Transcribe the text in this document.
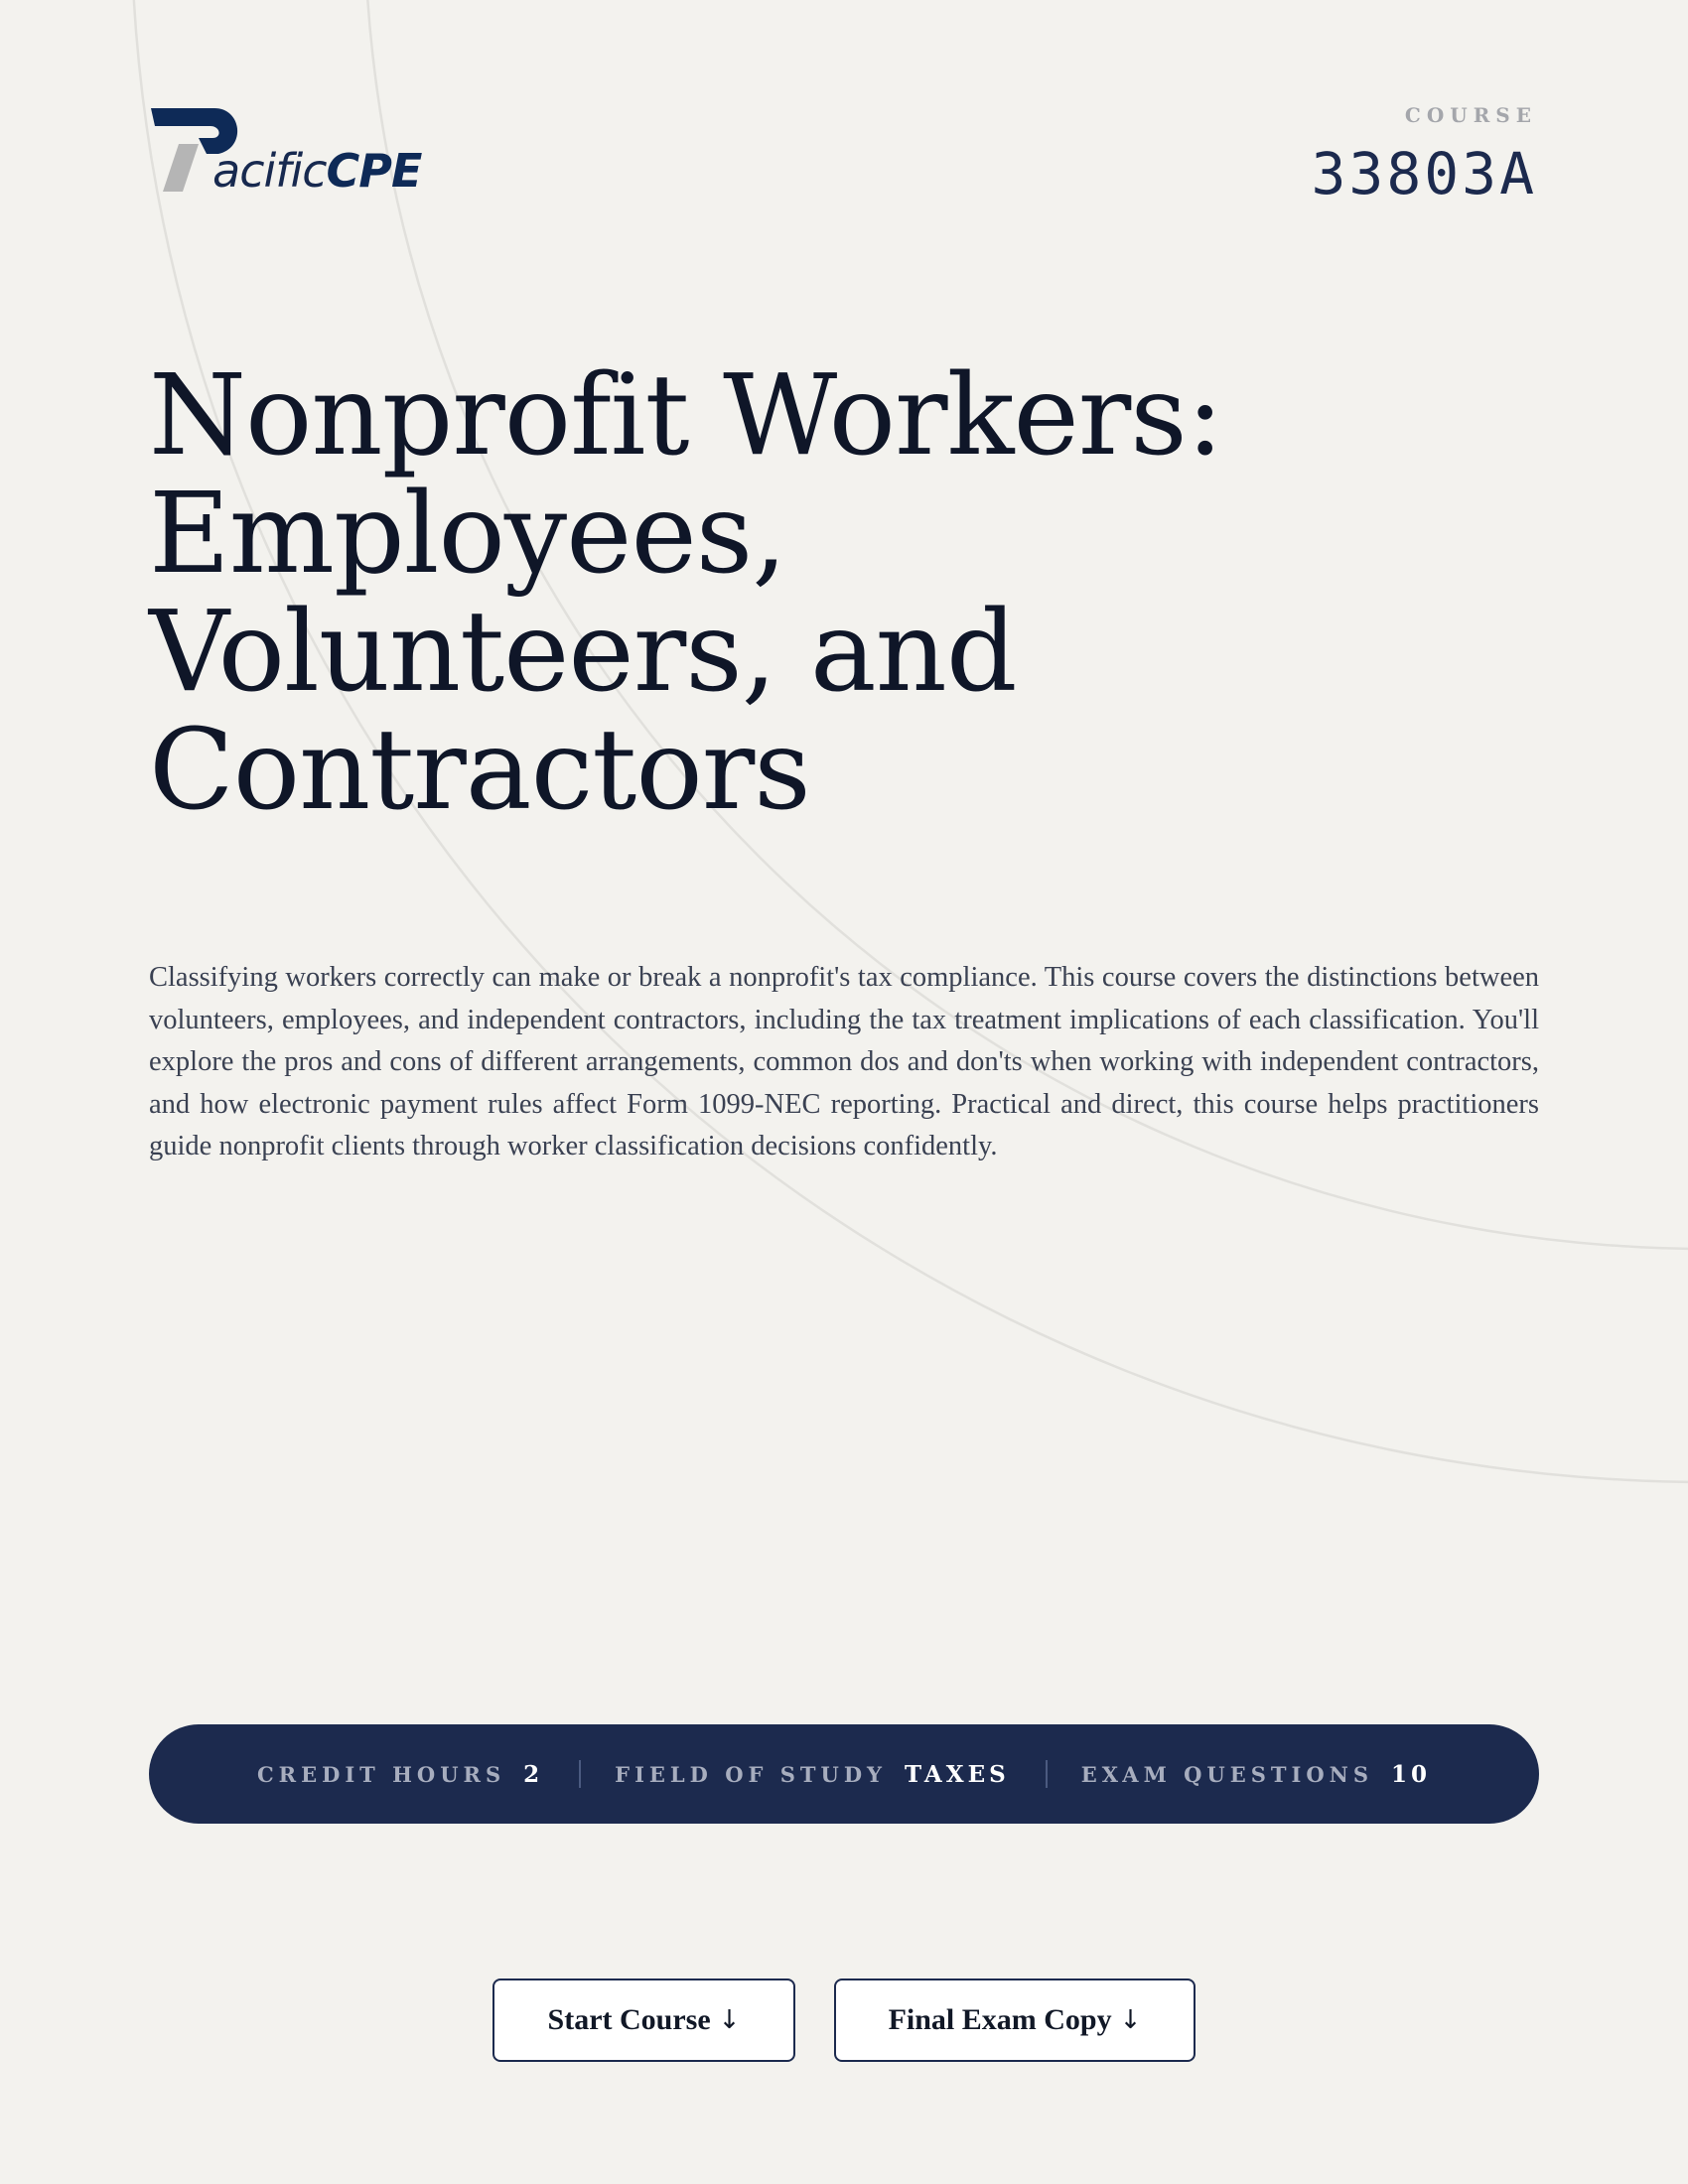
acificCPE
COURSE
33803A
Nonprofit Workers: Employees, Volunteers, and Contractors

Classifying workers correctly can make or break a nonprofit's tax compliance. This course covers the distinctions between volunteers, employees, and independent contractors, including the tax treatment implications of each classification. You'll explore the pros and cons of different arrangements, common dos and don'ts when working with independent contractors, and how electronic payment rules affect Form 1099-NEC reporting. Practical and direct, this course helps practitioners guide nonprofit clients through worker classification decisions confidently.

CREDIT HOURS 2	FIELD OF STUDY TAXES	EXAM QUESTIONS 10
Start Course ↓	Final Exam Copy ↓
